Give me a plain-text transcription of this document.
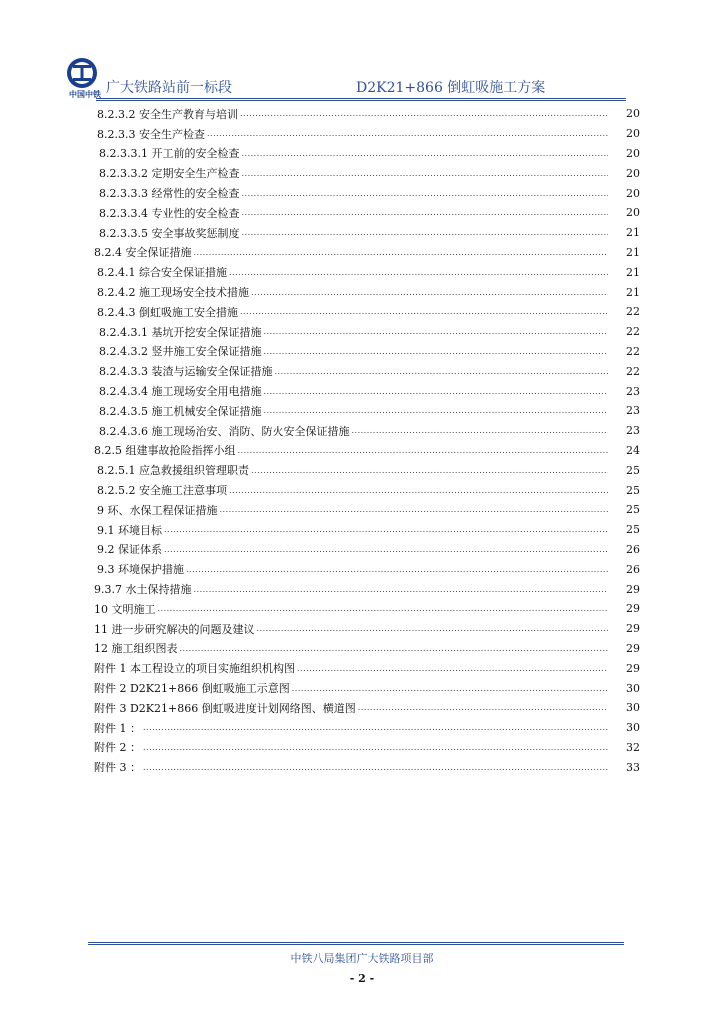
中国中铁 广大铁路站前一标段	D2K21+866 倒虹吸施工方案
8.2.3.2 安全生产教育与培训 .....	20
8.2.3.3 安全生产检查 .....	20
8.2.3.3.1 开工前的安全检查 .....	20
8.2.3.3.2 定期安全生产检查 .....	20
8.2.3.3.3 经常性的安全检查 .....	20
8.2.3.3.4 专业性的安全检查 .....	20
8.2.3.3.5 安全事故奖惩制度 .....	21
8.2.4 安全保证措施 .....	21
8.2.4.1 综合安全保证措施 .....	21
8.2.4.2 施工现场安全技术措施 .....	21
8.2.4.3 倒虹吸施工安全措施 .....	22
8.2.4.3.1 基坑开挖安全保证措施 .....	22
8.2.4.3.2 竖井施工安全保证措施 .....	22
8.2.4.3.3 装渣与运输安全保证措施 .....	22
8.2.4.3.4 施工现场安全用电措施 .....	23
8.2.4.3.5 施工机械安全保证措施 .....	23
8.2.4.3.6 施工现场治安、消防、防火安全保证措施 .....	23
8.2.5 组建事故抢险指挥小组 .....	24
8.2.5.1 应急救援组织管理职责 .....	25
8.2.5.2 安全施工注意事项 .....	25
9 环、水保工程保证措施 .....	25
9.1 环境目标 .....	25
9.2 保证体系 .....	26
9.3 环境保护措施 .....	26
9.3.7 水土保持措施 .....	29
10 文明施工 .....	29
11 进一步研究解决的问题及建议 .....	29
12 施工组织图表 .....	29
附件 1 本工程设立的项目实施组织机构图 .....	29
附件 2 D2K21+866 倒虹吸施工示意图 .....	30
附件 3 D2K21+866 倒虹吸进度计划网络图、横道图 .....	30
附件 1 ： .....	30
附件 2 ： .....	32
附件 3 ： .....	33
中铁八局集团广大铁路项目部
- 2 -
